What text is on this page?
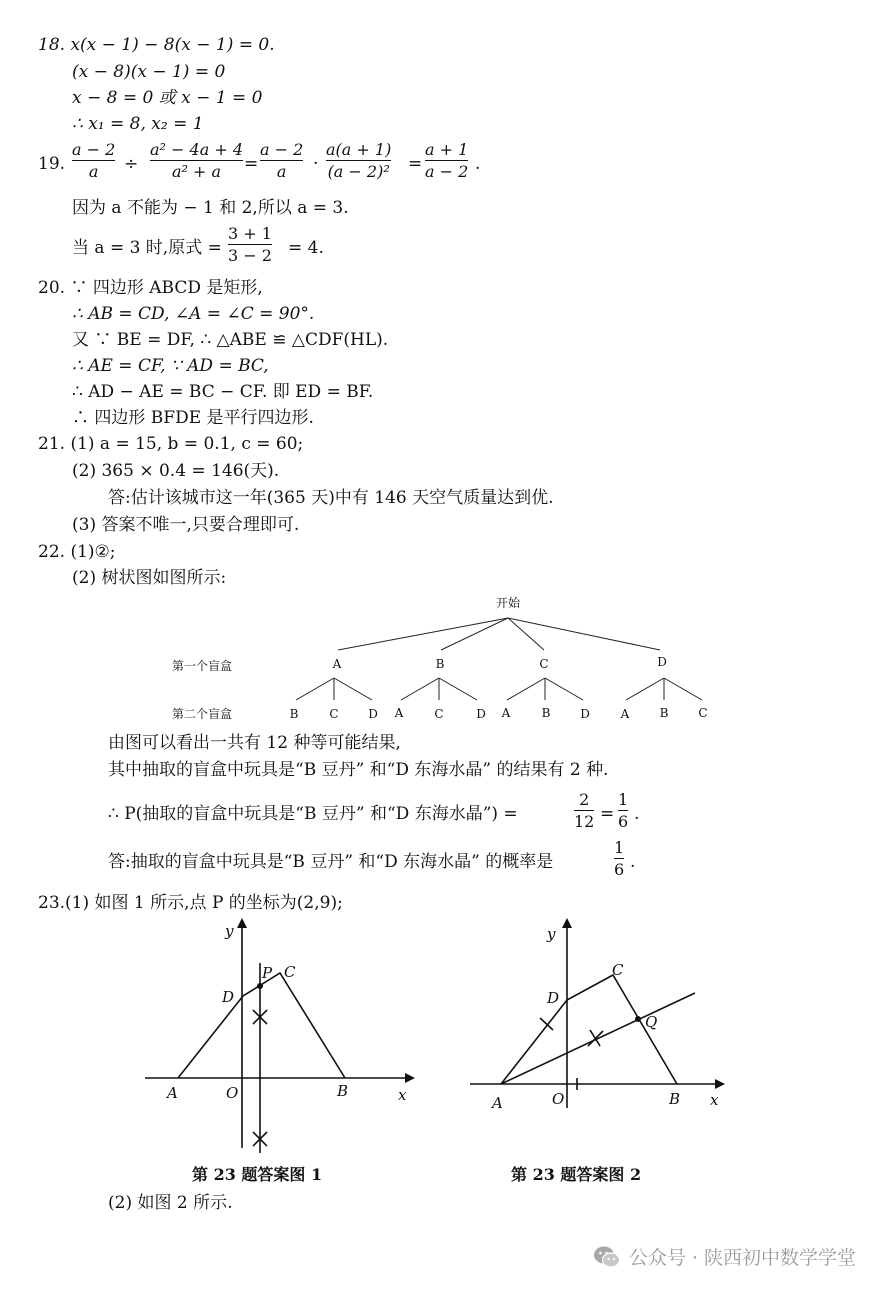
18. x(x − 1) − 8(x − 1) = 0.
(x − 8)(x − 1) = 0
x − 8 = 0 或 x − 1 = 0
∴ x₁ = 8, x₂ = 1
19.
a − 2
a ÷
a² − 4a + 4
a² + a =
a − 2
a ·
a(a + 1)
(a − 2)² =
a + 1
a − 2 .
因为 a 不能为 − 1 和 2,所以 a = 3.
当 a = 3 时,原式 =
3 + 1
3 − 2 = 4.
20. ∵ 四边形 ABCD 是矩形,
∴ AB = CD, ∠A = ∠C = 90°.
又 ∵ BE = DF, ∴ △ABE ≌ △CDF(HL).
∴ AE = CF, ∵ AD = BC,
∴ AD − AE = BC − CF. 即 ED = BF.
∴ 四边形 BFDE 是平行四边形.
21. (1) a = 15, b = 0.1, c = 60;
(2) 365 × 0.4 = 146(天).
答:估计该城市这一年(365 天)中有 146 天空气质量达到优.
(3) 答案不唯一,只要合理即可.
22. (1)②;
(2) 树状图如图所示:
开始
第一个盲盒
第二个盲盒
A	B	C	D
B	C D A	C	D A	B D	A	B C
由图可以看出一共有 12 种等可能结果,
其中抽取的盲盒中玩具是“B 豆丹” 和“D 东海水晶” 的结果有 2 种.
∴ P(抽取的盲盒中玩具是“B 豆丹” 和“D 东海水晶”) =
2
12 =
1
6 .
答:抽取的盲盒中玩具是“B 豆丹” 和“D 东海水晶” 的概率是
1
6 .
23.(1) 如图 1 所示,点 P 的坐标为(2,9);
y
x
O
A	B
C
D
P
第 23 题答案图 1
y
x
O
A	B
C
D
Q
第 23 题答案图 2
(2) 如图 2 所示.
公众号 · 陕西初中数学学堂
